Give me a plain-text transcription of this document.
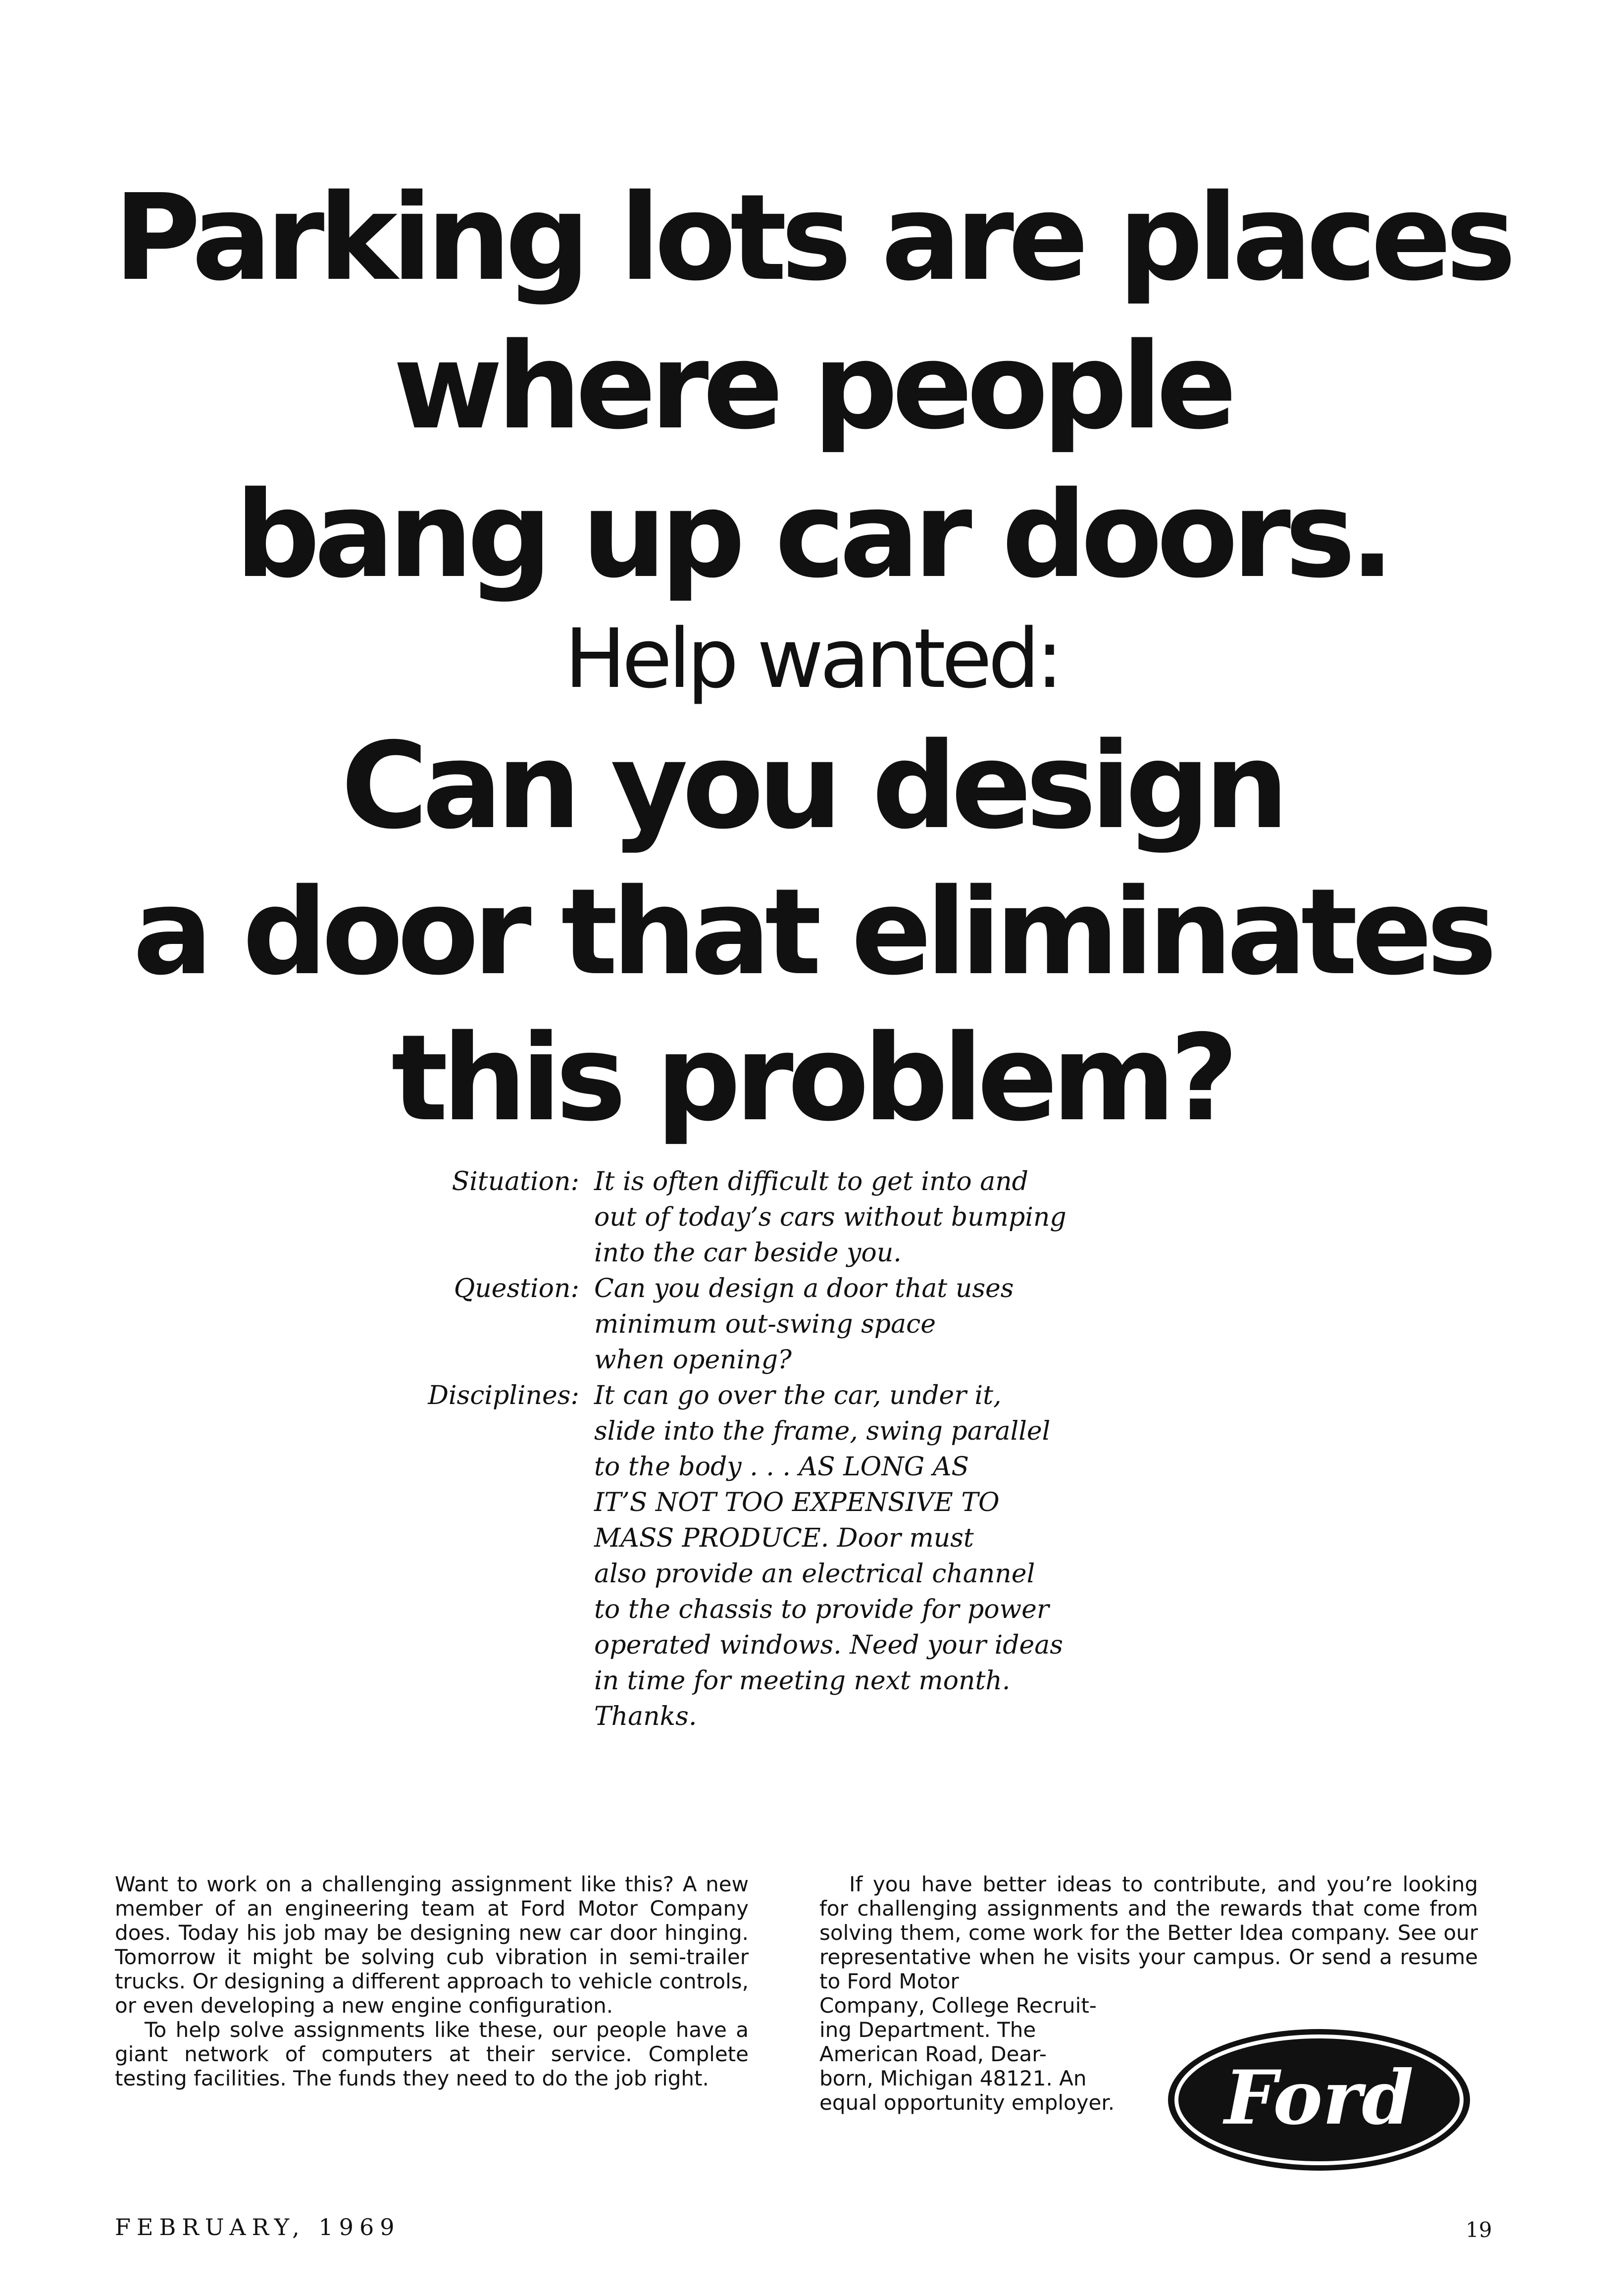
Parking lots are places
where people
bang up car doors.
Help wanted:
Can you design
a door that eliminates
this problem?
Situation: It is often difficult to get into and
out of today’s cars without bumping
into the car beside you.
Question: Can you design a door that uses
minimum out-swing space
when opening?
Disciplines: It can go over the car, under it,
slide into the frame, swing parallel
to the body . . . AS LONG AS
IT’S NOT TOO EXPENSIVE TO
MASS PRODUCE. Door must
also provide an electrical channel
to the chassis to provide for power
operated windows. Need your ideas
in time for meeting next month.
Thanks.

Want to work on a challenging assignment like this? A new member of an engineering team at Ford Motor Company does. Today his job may be designing new car door hinging. Tomorrow it might be solving cub vibration in semi-trailer trucks. Or designing a different approach to vehicle controls, or even developing a new engine configuration.

To help solve assignments like these, our people have a giant network of computers at their service. Complete testing facilities. The funds they need to do the job right.

If you have better ideas to contribute, and you’re looking for challenging assignments and the rewards that come from solving them, come work for the Better Idea company. See our representative when he visits your campus. Or send a resume to Ford Motor

Company, College Recruit-
ing Department. The
American Road, Dear-
born, Michigan 48121. An
equal opportunity employer.	Ford
FEBRUARY, 1969	19
